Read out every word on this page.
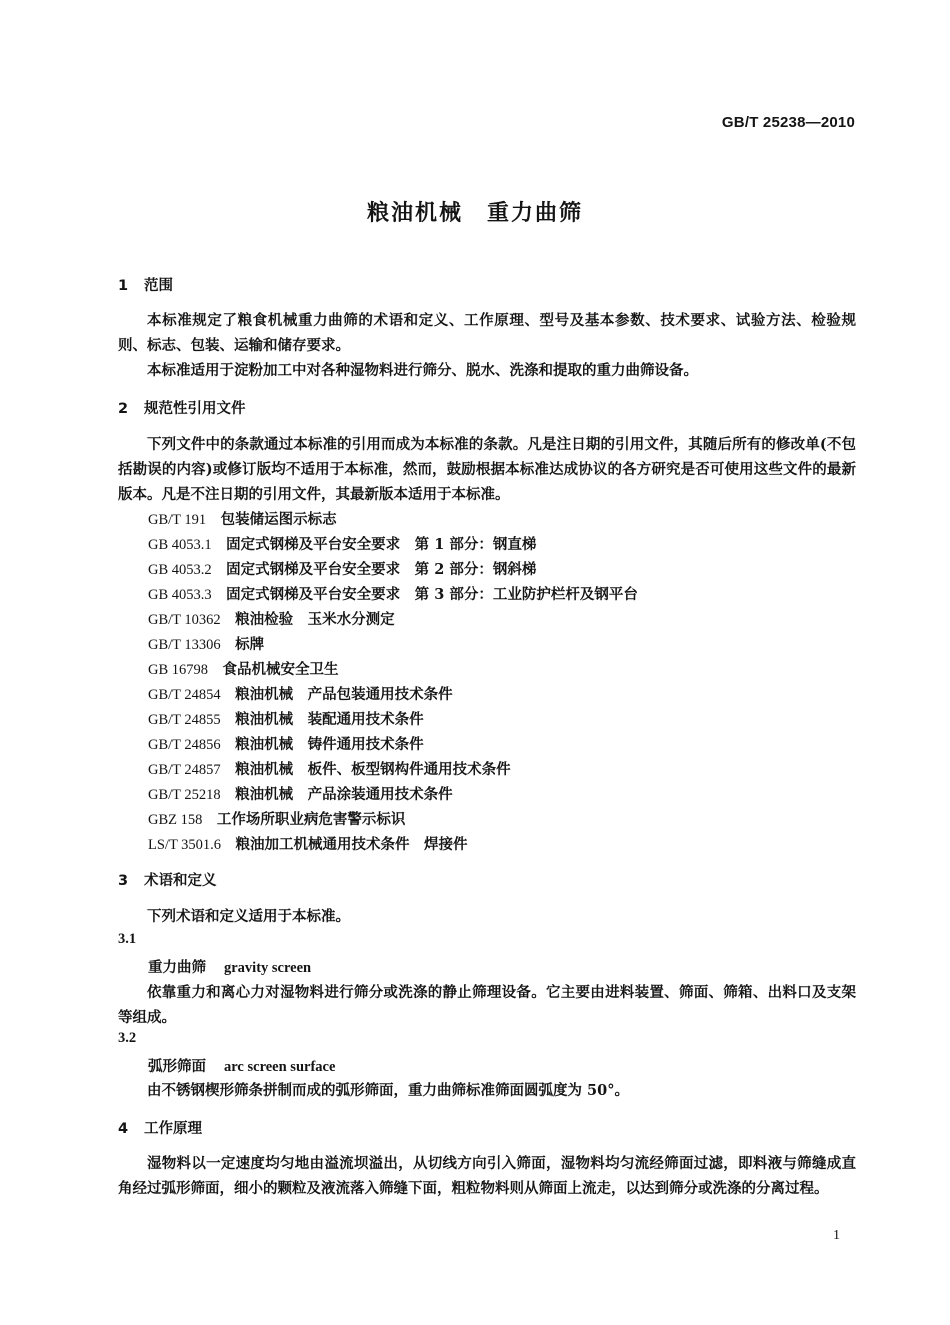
GB/T 25238—2010
粮油机械　重力曲筛
1 范围
本标准规定了粮食机械重力曲筛的术语和定义、工作原理、型号及基本参数、技术要求、试验方法、检验规则、标志、包装、运输和储存要求。
本标准适用于淀粉加工中对各种湿物料进行筛分、脱水、洗涤和提取的重力曲筛设备。
2 规范性引用文件
下列文件中的条款通过本标准的引用而成为本标准的条款。凡是注日期的引用文件，其随后所有的修改单(不包括勘误的内容)或修订版均不适用于本标准，然而，鼓励根据本标准达成协议的各方研究是否可使用这些文件的最新版本。凡是不注日期的引用文件，其最新版本适用于本标准。
GB/T 191　 包装储运图示标志
GB 4053.1　 固定式钢梯及平台安全要求　第 1 部分：钢直梯
GB 4053.2　 固定式钢梯及平台安全要求　第 2 部分：钢斜梯
GB 4053.3　 固定式钢梯及平台安全要求　第 3 部分：工业防护栏杆及钢平台
GB/T 10362　 粮油检验　玉米水分测定
GB/T 13306　 标牌
GB 16798　 食品机械安全卫生
GB/T 24854　 粮油机械　产品包装通用技术条件
GB/T 24855　 粮油机械　装配通用技术条件
GB/T 24856　 粮油机械　铸件通用技术条件
GB/T 24857　 粮油机械　板件、板型钢构件通用技术条件
GB/T 25218　 粮油机械　产品涂装通用技术条件
GBZ 158　 工作场所职业病危害警示标识
LS/T 3501.6　 粮油加工机械通用技术条件　焊接件
3 术语和定义
下列术语和定义适用于本标准。
3.1
重力曲筛 gravity screen
依靠重力和离心力对湿物料进行筛分或洗涤的静止筛理设备。它主要由进料装置、筛面、筛箱、出料口及支架等组成。
3.2
弧形筛面 arc screen surface
由不锈钢楔形筛条拼制而成的弧形筛面，重力曲筛标准筛面圆弧度为 50°。
4 工作原理
湿物料以一定速度均匀地由溢流坝溢出，从切线方向引入筛面，湿物料均匀流经筛面过滤，即料液与筛缝成直角经过弧形筛面，细小的颗粒及液流落入筛缝下面，粗粒物料则从筛面上流走，以达到筛分或洗涤的分离过程。
1
